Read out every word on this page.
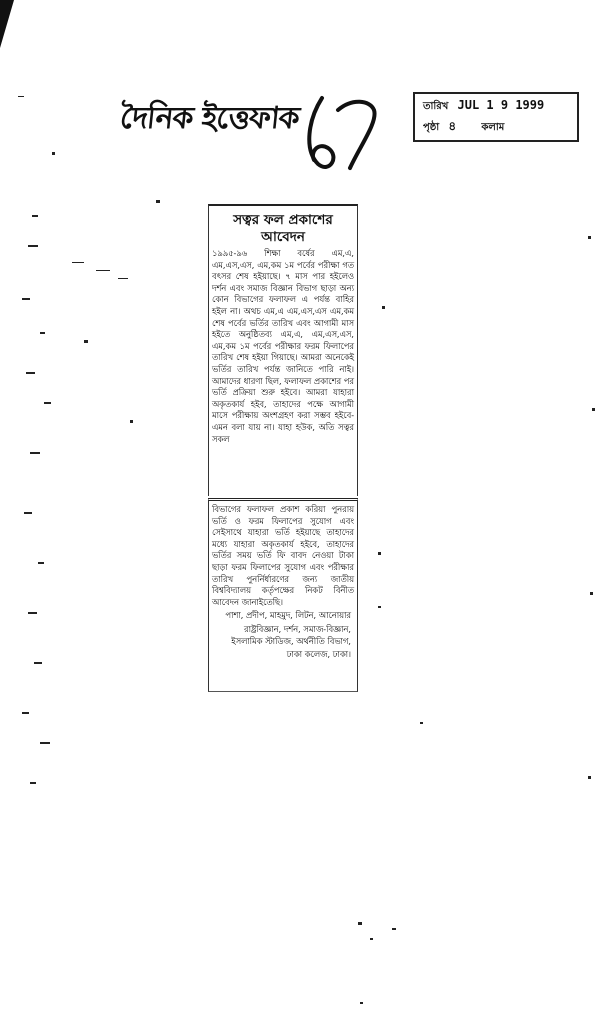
দৈনিক ইত্তেফাক	তারিখ JUL 1 9 1999
পৃষ্ঠা ৪	কলাম
সত্বর ফল প্রকাশের আবেদন
১৯৯৫-৯৬ শিক্ষা বর্ষের এম,এ, এম,এস,এস, এম,কম ১ম পর্বের পরীক্ষা গত বৎসর শেষ হইয়াছে। ৭ মাস পার হইলেও দর্শন এবং সমাজ বিজ্ঞান বিভাগ ছাড়া অন্য কোন বিভাগের ফলাফল এ পর্যন্ত বাহির হইল না। অথচ এম,এ এম,এস,এস এম,কম শেষ পর্বের ভর্তির তারিখ এবং আগামী মাস হইতে অনুষ্ঠিতব্য এম,এ, এম,এস,এস, এম,কম ১ম পর্বের পরীক্ষার ফরম ফিলাপের তারিখ শেষ হইয়া গিয়াছে। আমরা অনেকেই ভর্তির তারিখ পর্যন্ত জানিতে পারি নাই। আমাদের ধারণা ছিল, ফলাফল প্রকাশের পর ভর্তি প্রক্রিয়া শুরু হইবে। আমরা যাহারা অকৃতকার্য হইব, তাহাদের পক্ষে আগামী মাসে পরীক্ষায় অংশগ্রহণ করা সম্ভব হইবে- এমন বলা যায় না। যাহা হউক, অতি সত্বর সকল
বিভাগের ফলাফল প্রকাশ করিয়া পুনরায় ভর্তি ও ফরম ফিলাপের সুযোগ এবং সেইসাথে যাহারা ভর্তি হইয়াছে তাহাদের মধ্যে যাহারা অকৃতকার্য হইবে, তাহাদের ভর্তির সময় ভর্তি ফি বাবদ নেওয়া টাকা ছাড়া ফরম ফিলাপের সুযোগ এবং পরীক্ষার তারিখ পুনর্নির্ধারণের জন্য জাতীয় বিশ্ববিদ্যালয় কর্তৃপক্ষের নিকট বিনীত আবেদন জানাইতেছি।
পাশা, প্রদীপ, মাহমুদ, লিটন, আনোয়ার
রাষ্ট্রবিজ্ঞান, দর্শন, সমাজ-বিজ্ঞান, ইসলামিক স্টাডিজ, অর্থনীতি বিভাগ,
ঢাকা কলেজ, ঢাকা।
